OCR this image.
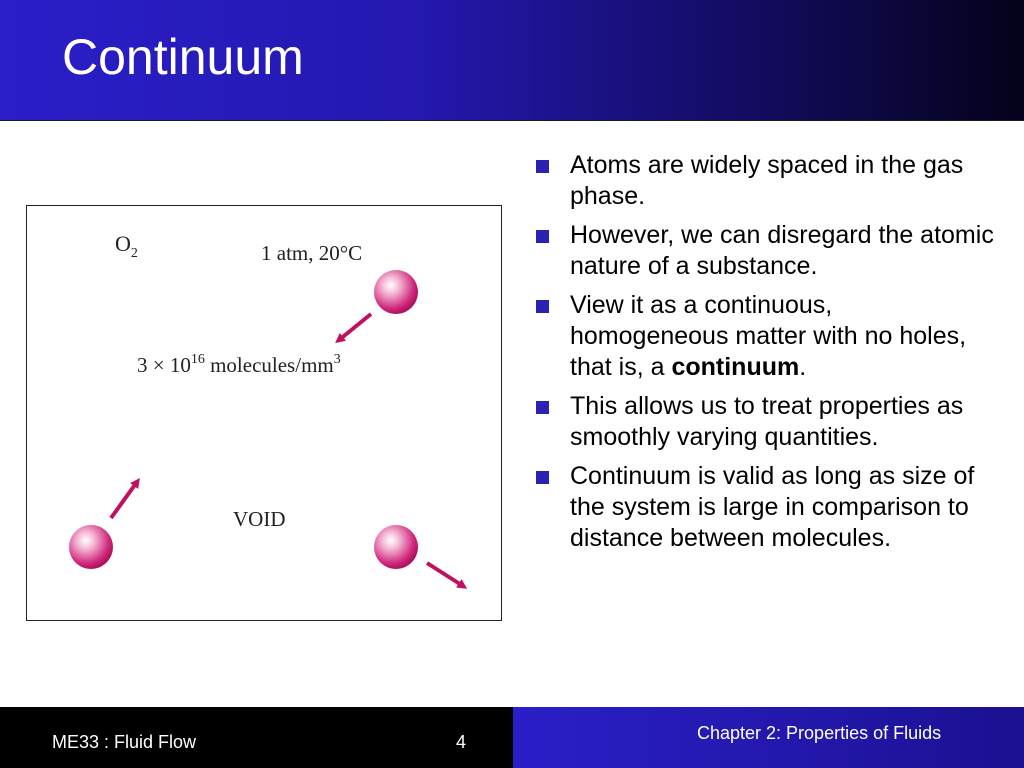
Continuum
$O_2$	1 atm, 20°C
$3 \times 10^{16}$ molecules/$mm^3$
VOID
Atoms are widely spaced in the gas phase.
However, we can disregard the atomic nature of a substance.
View it as a continuous, homogeneous matter with no holes, that is, a continuum.
This allows us to treat properties as smoothly varying quantities.
Continuum is valid as long as size of the system is large in comparison to distance between molecules.
ME33 : Fluid Flow	4	Chapter 2: Properties of Fluids
